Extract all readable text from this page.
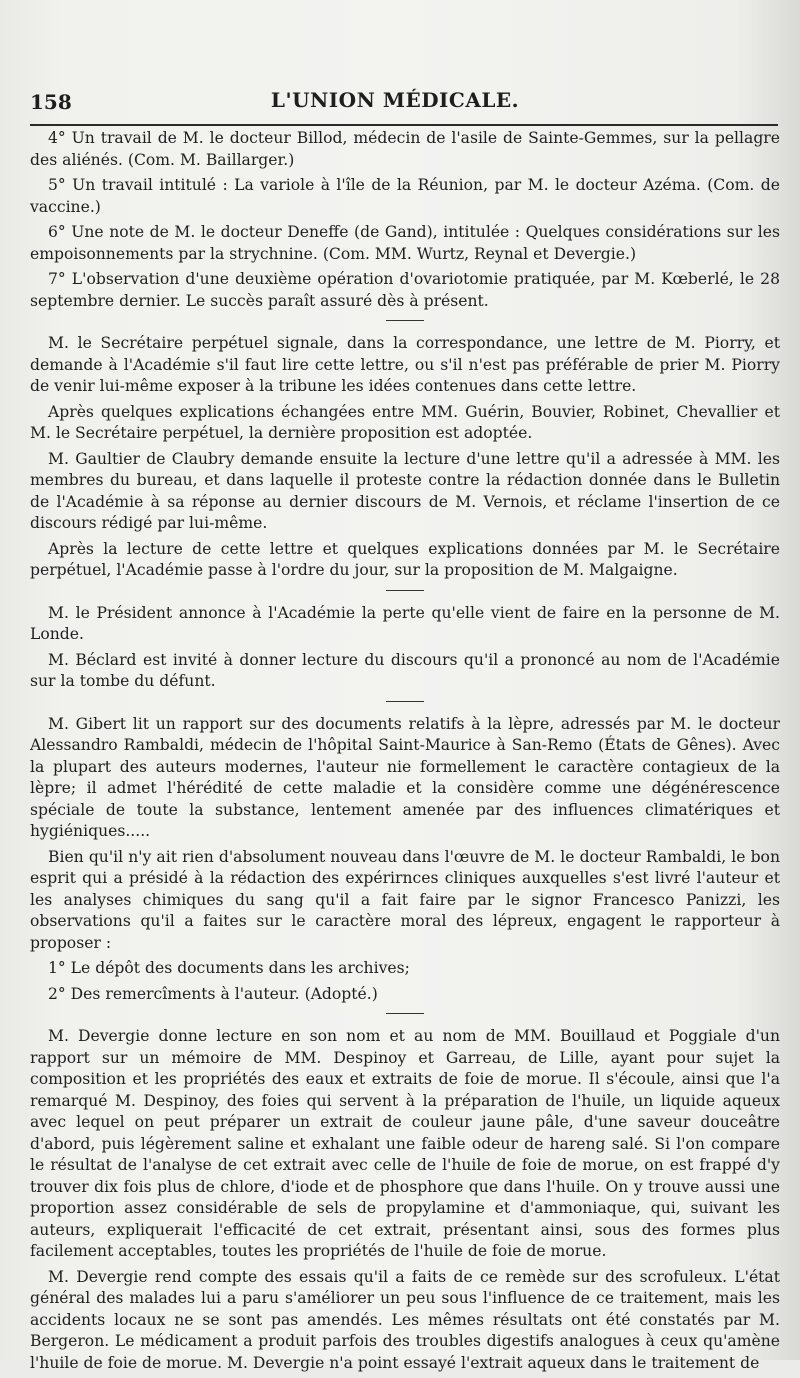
158	L'UNION MÉDICALE.

4° Un travail de M. le docteur Billod, médecin de l'asile de Sainte-Gemmes, sur la pellagre des aliénés. (Com. M. Baillarger.)

5° Un travail intitulé : La variole à l'île de la Réunion, par M. le docteur Azéma. (Com. de vaccine.)

6° Une note de M. le docteur Deneffe (de Gand), intitulée : Quelques considérations sur les empoisonnements par la strychnine. (Com. MM. Wurtz, Reynal et Devergie.)

7° L'observation d'une deuxième opération d'ovariotomie pratiquée, par M. Kœberlé, le 28 septembre dernier. Le succès paraît assuré dès à présent.

M. le Secrétaire perpétuel signale, dans la correspondance, une lettre de M. Piorry, et demande à l'Académie s'il faut lire cette lettre, ou s'il n'est pas préférable de prier M. Piorry de venir lui-même exposer à la tribune les idées contenues dans cette lettre.

Après quelques explications échangées entre MM. Guérin, Bouvier, Robinet, Chevallier et M. le Secrétaire perpétuel, la dernière proposition est adoptée.

M. Gaultier de Claubry demande ensuite la lecture d'une lettre qu'il a adressée à MM. les membres du bureau, et dans laquelle il proteste contre la rédaction donnée dans le Bulletin de l'Académie à sa réponse au dernier discours de M. Vernois, et réclame l'insertion de ce discours rédigé par lui-même.

Après la lecture de cette lettre et quelques explications données par M. le Secrétaire perpétuel, l'Académie passe à l'ordre du jour, sur la proposition de M. Malgaigne.

M. le Président annonce à l'Académie la perte qu'elle vient de faire en la personne de M. Londe.

M. Béclard est invité à donner lecture du discours qu'il a prononcé au nom de l'Académie sur la tombe du défunt.

M. Gibert lit un rapport sur des documents relatifs à la lèpre, adressés par M. le docteur Alessandro Rambaldi, médecin de l'hôpital Saint-Maurice à San-Remo (États de Gênes). Avec la plupart des auteurs modernes, l'auteur nie formellement le caractère contagieux de la lèpre; il admet l'hérédité de cette maladie et la considère comme une dégénérescence spéciale de toute la substance, lentement amenée par des influences climatériques et hygiéniques.....

Bien qu'il n'y ait rien d'absolument nouveau dans l'œuvre de M. le docteur Rambaldi, le bon esprit qui a présidé à la rédaction des expérirnces cliniques auxquelles s'est livré l'auteur et les analyses chimiques du sang qu'il a fait faire par le signor Francesco Panizzi, les observations qu'il a faites sur le caractère moral des lépreux, engagent le rapporteur à proposer :

1° Le dépôt des documents dans les archives;

2° Des remercîments à l'auteur. (Adopté.)

M. Devergie donne lecture en son nom et au nom de MM. Bouillaud et Poggiale d'un rapport sur un mémoire de MM. Despinoy et Garreau, de Lille, ayant pour sujet la composition et les propriétés des eaux et extraits de foie de morue. Il s'écoule, ainsi que l'a remarqué M. Despinoy, des foies qui servent à la préparation de l'huile, un liquide aqueux avec lequel on peut préparer un extrait de couleur jaune pâle, d'une saveur douceâtre d'abord, puis légèrement saline et exhalant une faible odeur de hareng salé. Si l'on compare le résultat de l'analyse de cet extrait avec celle de l'huile de foie de morue, on est frappé d'y trouver dix fois plus de chlore, d'iode et de phosphore que dans l'huile. On y trouve aussi une proportion assez considérable de sels de propylamine et d'ammoniaque, qui, suivant les auteurs, expliquerait l'efficacité de cet extrait, présentant ainsi, sous des formes plus facilement acceptables, toutes les propriétés de l'huile de foie de morue.

M. Devergie rend compte des essais qu'il a faits de ce remède sur des scrofuleux. L'état général des malades lui a paru s'améliorer un peu sous l'influence de ce traitement, mais les accidents locaux ne se sont pas amendés. Les mêmes résultats ont été constatés par M. Bergeron. Le médicament a produit parfois des troubles digestifs analogues à ceux qu'amène l'huile de foie de morue. M. Devergie n'a point essayé l'extrait aqueux dans le traitement de
